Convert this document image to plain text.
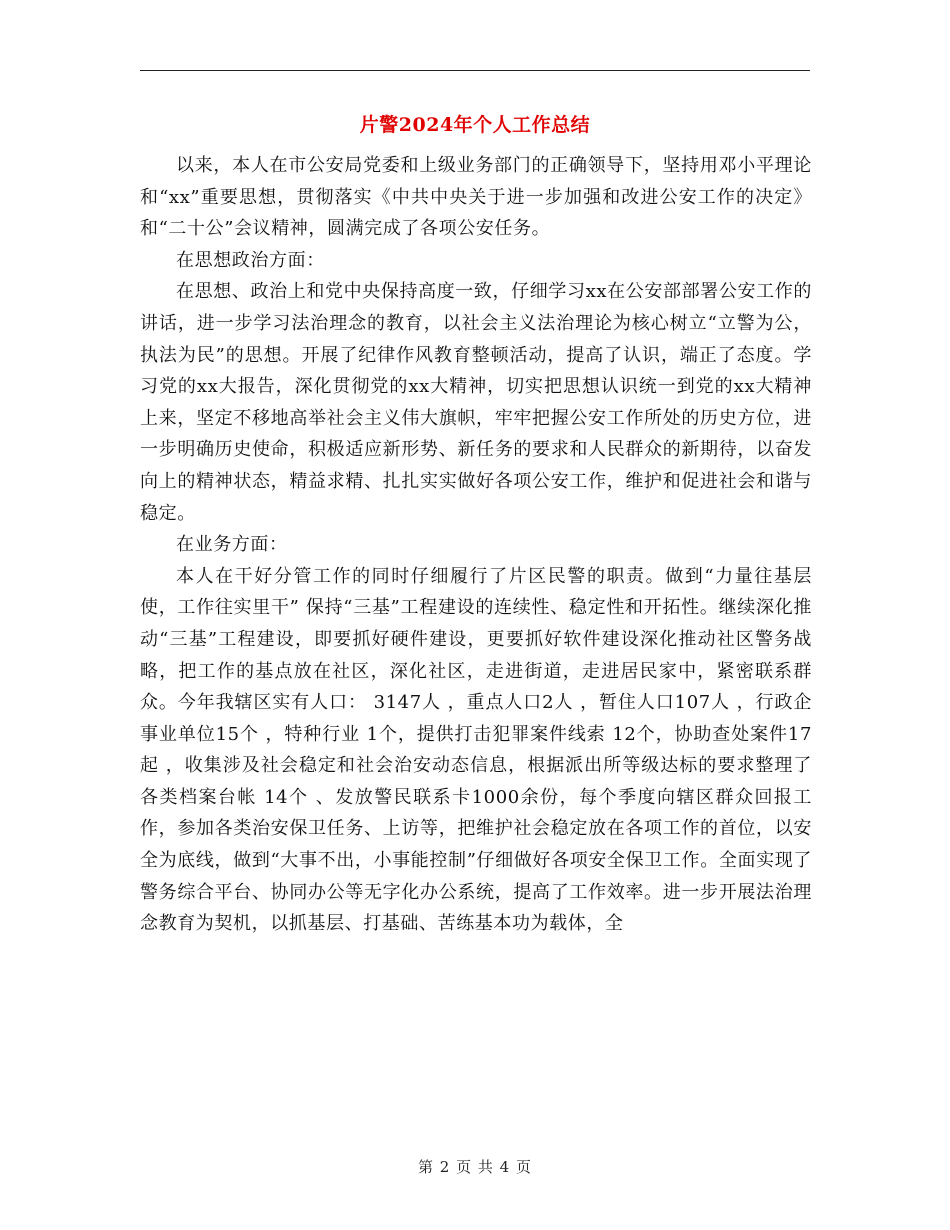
片警2024年个人工作总结

以来，本人在市公安局党委和上级业务部门的正确领导下，坚持用邓小平理论和“xx”重要思想，贯彻落实《中共中央关于进一步加强和改进公安工作的决定》和“二十公”会议精神，圆满完成了各项公安任务。

在思想政治方面：

在思想、政治上和党中央保持高度一致，仔细学习xx在公安部部署公安工作的讲话，进一步学习法治理念的教育，以社会主义法治理论为核心树立“立警为公，执法为民”的思想。开展了纪律作风教育整顿活动，提高了认识，端正了态度。学习党的xx大报告，深化贯彻党的xx大精神，切实把思想认识统一到党的xx大精神上来，坚定不移地高举社会主义伟大旗帜，牢牢把握公安工作所处的历史方位，进一步明确历史使命，积极适应新形势、新任务的要求和人民群众的新期待，以奋发向上的精神状态，精益求精、扎扎实实做好各项公安工作，维护和促进社会和谐与稳定。

在业务方面：

本人在干好分管工作的同时仔细履行了片区民警的职责。做到“力量往基层使，工作往实里干” 保持“三基”工程建设的连续性、稳定性和开拓性。继续深化推动“三基”工程建设，即要抓好硬件建设，更要抓好软件建设深化推动社区警务战略，把工作的基点放在社区，深化社区，走进街道，走进居民家中，紧密联系群众。今年我辖区实有人口： 3147人 ，重点人口2人 ，暂住人口107人 ，行政企事业单位15个 ，特种行业 1个，提供打击犯罪案件线索 12个，协助查处案件17起 ，收集涉及社会稳定和社会治安动态信息，根据派出所等级达标的要求整理了各类档案台帐 14个 、发放警民联系卡1000余份，每个季度向辖区群众回报工作，参加各类治安保卫任务、上访等，把维护社会稳定放在各项工作的首位，以安全为底线，做到“大事不出，小事能控制”仔细做好各项安全保卫工作。全面实现了警务综合平台、协同办公等无字化办公系统，提高了工作效率。进一步开展法治理念教育为契机，以抓基层、打基础、苦练基本功为载体，全

第 2 页 共 4 页
